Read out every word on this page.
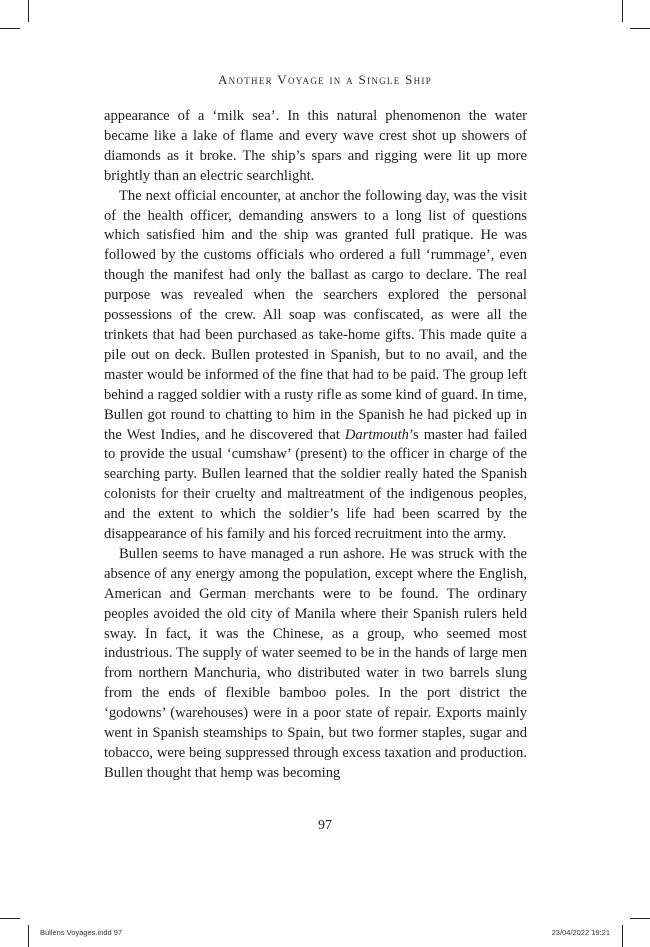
Another Voyage in a Single Ship

appearance of a ‘milk sea’. In this natural phenomenon the water became like a lake of flame and every wave crest shot up showers of diamonds as it broke. The ship’s spars and rigging were lit up more brightly than an electric searchlight.

The next official encounter, at anchor the following day, was the visit of the health officer, demanding answers to a long list of questions which satisfied him and the ship was granted full pratique. He was followed by the customs officials who ordered a full ‘rummage’, even though the manifest had only the ballast as cargo to declare. The real purpose was revealed when the searchers explored the personal possessions of the crew. All soap was confiscated, as were all the trinkets that had been purchased as take-home gifts. This made quite a pile out on deck. Bullen protested in Spanish, but to no avail, and the master would be informed of the fine that had to be paid. The group left behind a ragged soldier with a rusty rifle as some kind of guard. In time, Bullen got round to chatting to him in the Spanish he had picked up in the West Indies, and he discovered that Dartmouth’s master had failed to provide the usual ‘cumshaw’ (present) to the officer in charge of the searching party. Bullen learned that the soldier really hated the Spanish colonists for their cruelty and maltreatment of the indigenous peoples, and the extent to which the soldier’s life had been scarred by the disappearance of his family and his forced recruitment into the army.

Bullen seems to have managed a run ashore. He was struck with the absence of any energy among the population, except where the English, American and German merchants were to be found. The ordinary peoples avoided the old city of Manila where their Spanish rulers held sway. In fact, it was the Chinese, as a group, who seemed most industrious. The supply of water seemed to be in the hands of large men from northern Manchuria, who distributed water in two barrels slung from the ends of flexible bamboo poles. In the port district the ‘godowns’ (warehouses) were in a poor state of repair. Exports mainly went in Spanish steamships to Spain, but two former staples, sugar and tobacco, were being suppressed through excess taxation and production. Bullen thought that hemp was becoming

97
Bullens Voyages.indd 97	23/04/2022 19:21
